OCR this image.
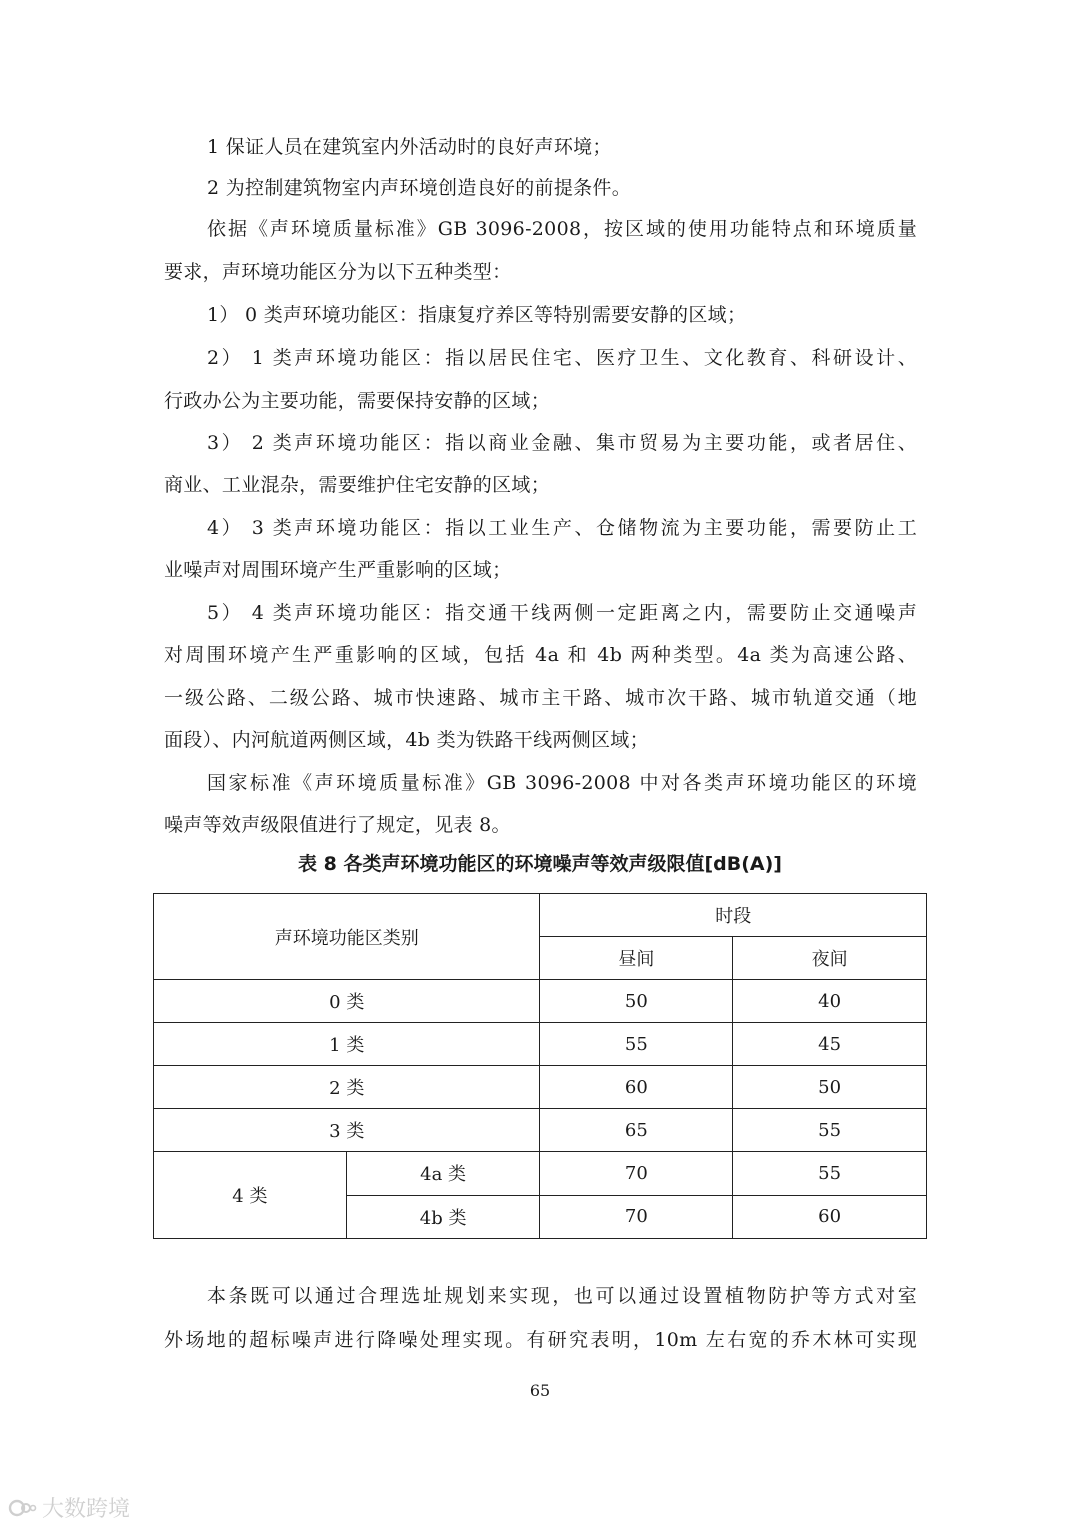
1 保证人员在建筑室内外活动时的良好声环境；
2 为控制建筑物室内声环境创造良好的前提条件。
依据《声环境质量标准》GB 3096-2008，按区域的使用功能特点和环境质量
要求，声环境功能区分为以下五种类型：
1） 0 类声环境功能区：指康复疗养区等特别需要安静的区域；
2） 1 类声环境功能区：指以居民住宅、医疗卫生、文化教育、科研设计、
行政办公为主要功能，需要保持安静的区域；
3） 2 类声环境功能区：指以商业金融、集市贸易为主要功能，或者居住、
商业、工业混杂，需要维护住宅安静的区域；
4） 3 类声环境功能区：指以工业生产、仓储物流为主要功能，需要防止工
业噪声对周围环境产生严重影响的区域；
5） 4 类声环境功能区：指交通干线两侧一定距离之内，需要防止交通噪声
对周围环境产生严重影响的区域，包括 4a 和 4b 两种类型。4a 类为高速公路、
一级公路、二级公路、城市快速路、城市主干路、城市次干路、城市轨道交通（地
面段）、内河航道两侧区域，4b 类为铁路干线两侧区域；
国家标准《声环境质量标准》GB 3096-2008 中对各类声环境功能区的环境
噪声等效声级限值进行了规定，见表 8。
表 8 各类声环境功能区的环境噪声等效声级限值[dB(A)]
声环境功能区类别		时段	
		昼间	夜间
0 类		50	40
1 类		55	45
2 类		60	50
3 类		65	55
4 类	4a 类	70	55
	4b 类	70	60
本条既可以通过合理选址规划来实现，也可以通过设置植物防护等方式对室
外场地的超标噪声进行降噪处理实现。有研究表明，10m 左右宽的乔木林可实现
65
大数跨境
